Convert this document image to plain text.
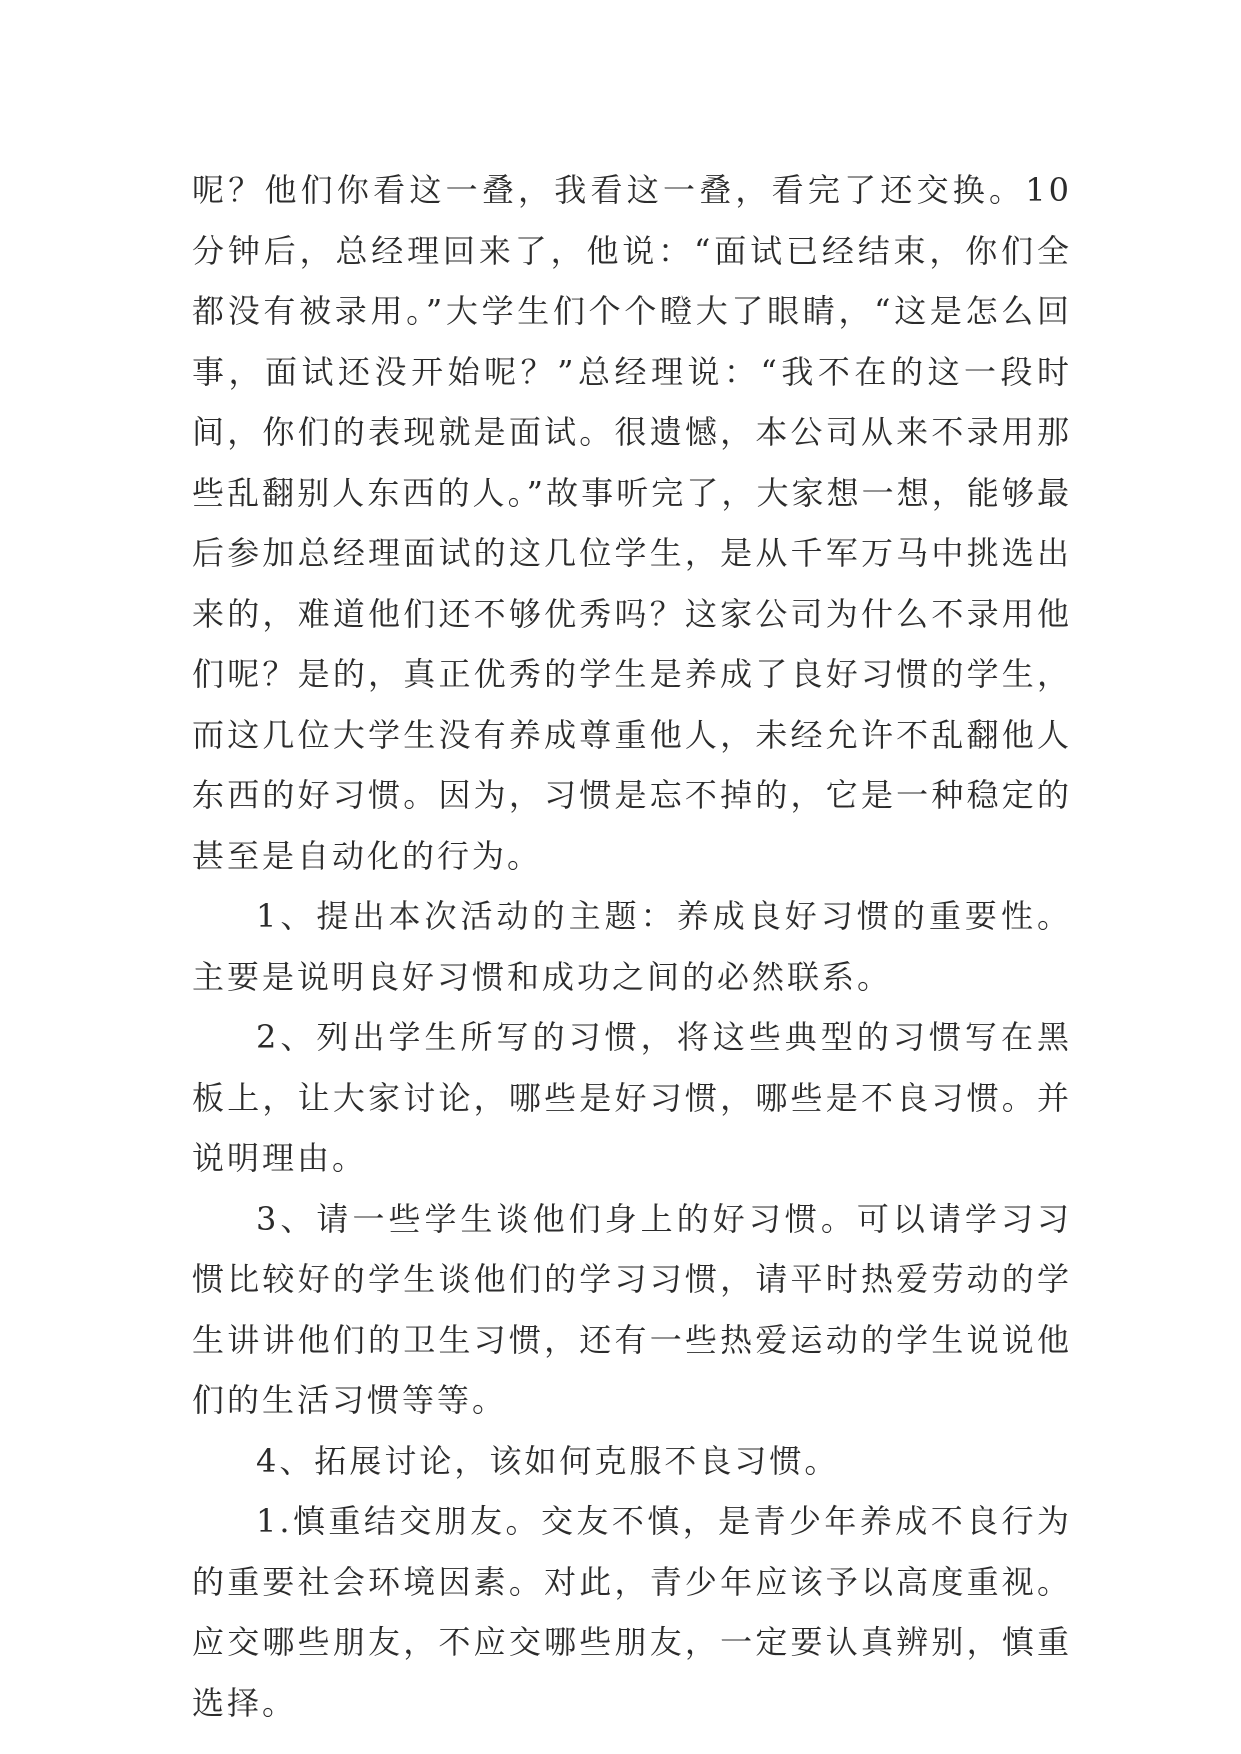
呢？他们你看这一叠，我看这一叠，看完了还交换。10分钟后，总经理回来了，他说：“面试已经结束，你们全都没有被录用。”大学生们个个瞪大了眼睛，“这是怎么回事，面试还没开始呢？”总经理说：“我不在的这一段时间，你们的表现就是面试。很遗憾，本公司从来不录用那些乱翻别人东西的人。”故事听完了，大家想一想，能够最后参加总经理面试的这几位学生，是从千军万马中挑选出来的，难道他们还不够优秀吗？这家公司为什么不录用他们呢？是的，真正优秀的学生是养成了良好习惯的学生，而这几位大学生没有养成尊重他人，未经允许不乱翻他人东西的好习惯。因为，习惯是忘不掉的，它是一种稳定的甚至是自动化的行为。

1、提出本次活动的主题：养成良好习惯的重要性。主要是说明良好习惯和成功之间的必然联系。

2、列出学生所写的习惯，将这些典型的习惯写在黑板上，让大家讨论，哪些是好习惯，哪些是不良习惯。并说明理由。

3、请一些学生谈他们身上的好习惯。可以请学习习惯比较好的学生谈他们的学习习惯，请平时热爱劳动的学生讲讲他们的卫生习惯，还有一些热爱运动的学生说说他们的生活习惯等等。

4、拓展讨论，该如何克服不良习惯。

1.慎重结交朋友。交友不慎，是青少年养成不良行为的重要社会环境因素。对此，青少年应该予以高度重视。应交哪些朋友，不应交哪些朋友，一定要认真辨别，慎重选择。
